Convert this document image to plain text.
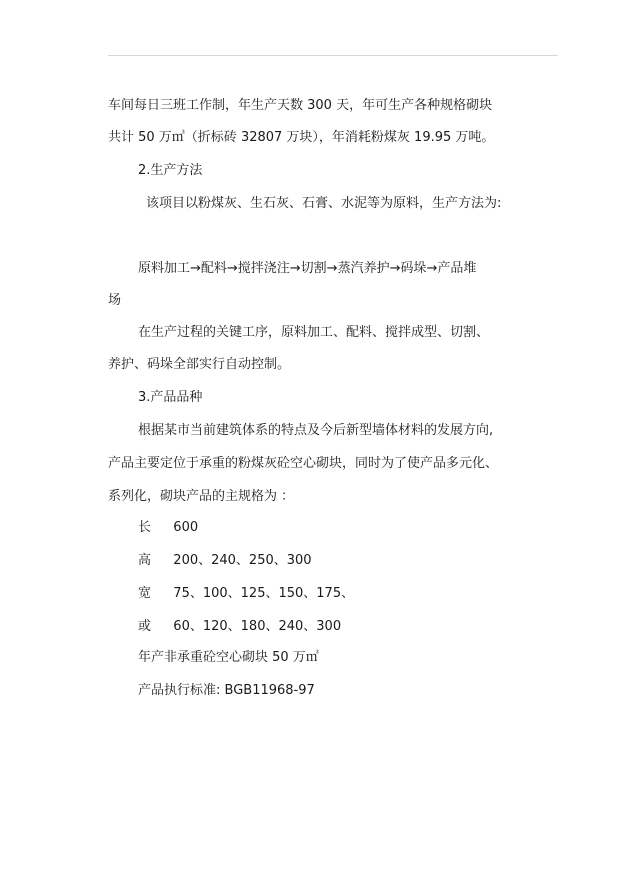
车间每日三班工作制，年生产天数 300 天，年可生产各种规格砌块
共计 50 万㎥（折标砖 32807 万块），年消耗粉煤灰 19.95 万吨。
2.生产方法
该项目以粉煤灰、生石灰、石膏、水泥等为原料，生产方法为:
原料加工→配料→搅拌浇注→切割→蒸汽养护→码垛→产品堆
场
在生产过程的关键工序，原料加工、配料、搅拌成型、切割、
养护、码垛全部实行自动控制。
3.产品品种
根据某市当前建筑体系的特点及今后新型墙体材料的发展方向,
产品主要定位于承重的粉煤灰砼空心砌块，同时为了使产品多元化、
系列化，砌块产品的主规格为 ：
长 600
高 200、240、250、300
宽 75、100、125、150、175、
或 60、120、180、240、300
年产非承重砼空心砌块 50 万㎥
产品执行标准: BGB11968-97
